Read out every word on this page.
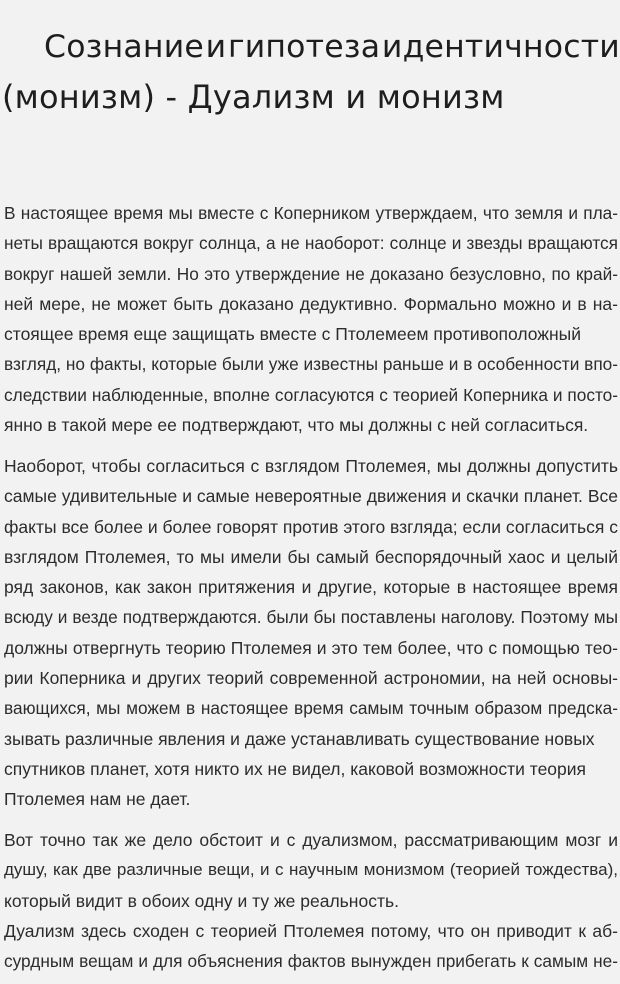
Сознание и гипотеза идентичности
(монизм) - Дуализм и монизм

В настоящее время мы вместе с Коперником утверждаем, что земля и пла-
неты вращаются вокруг солнца, а не наоборот: солнце и звезды вращаются
вокруг нашей земли. Но это утверждение не доказано безусловно, по край-
ней мере, не может быть доказано дедуктивно. Формально можно и в на-
стоящее время еще защищать вместе с Птолемеем противоположный
взгляд, но факты, которые были уже известны раньше и в особенности впо-
следствии наблюденные, вполне согласуются с теорией Коперника и посто-
янно в такой мере ее подтверждают, что мы должны с ней согласиться.

Наоборот, чтобы согласиться с взглядом Птолемея, мы должны допустить
самые удивительные и самые невероятные движения и скачки планет. Все
факты все более и более говорят против этого взгляда; если согласиться с
взглядом Птолемея, то мы имели бы самый беспорядочный хаос и целый
ряд законов, как закон притяжения и другие, которые в настоящее время
всюду и везде подтверждаются. были бы поставлены наголову. Поэтому мы
должны отвергнуть теорию Птолемея и это тем более, что с помощью тео-
рии Коперника и других теорий современной астрономии, на ней основы-
вающихся, мы можем в настоящее время самым точным образом предска-
зывать различные явления и даже устанавливать существование новых
спутников планет, хотя никто их не видел, каковой возможности теория
Птолемея нам не дает.

Вот точно так же дело обстоит и с дуализмом, рассматривающим мозг и
душу, как две различные вещи, и с научным монизмом (теорией тождества),
который видит в обоих одну и ту же реальность.
Дуализм здесь сходен с теорией Птолемея потому, что он приводит к аб-
сурдным вещам и для объяснения фактов вынужден прибегать к самым не-
